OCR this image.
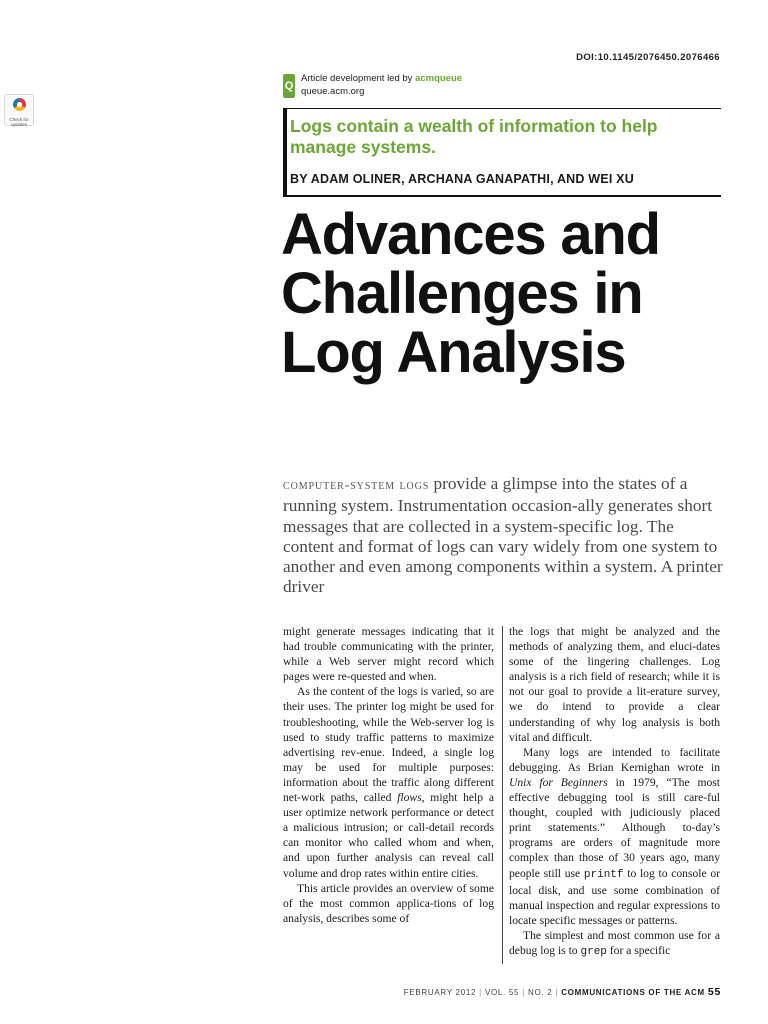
DOI:10.1145/2076450.2076466
Check for updates
Q
Article development led by acmqueue
queue.acm.org
Logs contain a wealth of information to help manage systems.
BY ADAM OLINER, ARCHANA GANAPATHI, AND WEI XU
Advances and Challenges in Log Analysis
computer-system logs provide a glimpse into the states of a running system. Instrumentation occasion-ally generates short messages that are collected in a system-specific log. The content and format of logs can vary widely from one system to another and even among components within a system. A printer driver

might generate messages indicating that it had trouble communicating with the printer, while a Web server might record which pages were re-quested and when.

As the content of the logs is varied, so are their uses. The printer log might be used for troubleshooting, while the Web-server log is used to study traffic patterns to maximize advertising rev-enue. Indeed, a single log may be used for multiple purposes: information about the traffic along different net-work paths, called flows, might help a user optimize network performance or detect a malicious intrusion; or call-detail records can monitor who called whom and when, and upon further analysis can reveal call volume and drop rates within entire cities.

This article provides an overview of some of the most common applica-tions of log analysis, describes some of

the logs that might be analyzed and the methods of analyzing them, and eluci-dates some of the lingering challenges. Log analysis is a rich field of research; while it is not our goal to provide a lit-erature survey, we do intend to provide a clear understanding of why log analysis is both vital and difficult.

Many logs are intended to facilitate debugging. As Brian Kernighan wrote in Unix for Beginners in 1979, “The most effective debugging tool is still care-ful thought, coupled with judiciously placed print statements.” Although to-day’s programs are orders of magnitude more complex than those of 30 years ago, many people still use printf to log to console or local disk, and use some combination of manual inspection and regular expressions to locate specific messages or patterns.

The simplest and most common use for a debug log is to grep for a specific

FEBRUARY 2012 | VOL. 55 | NO. 2 | COMMUNICATIONS OF THE ACM 55
